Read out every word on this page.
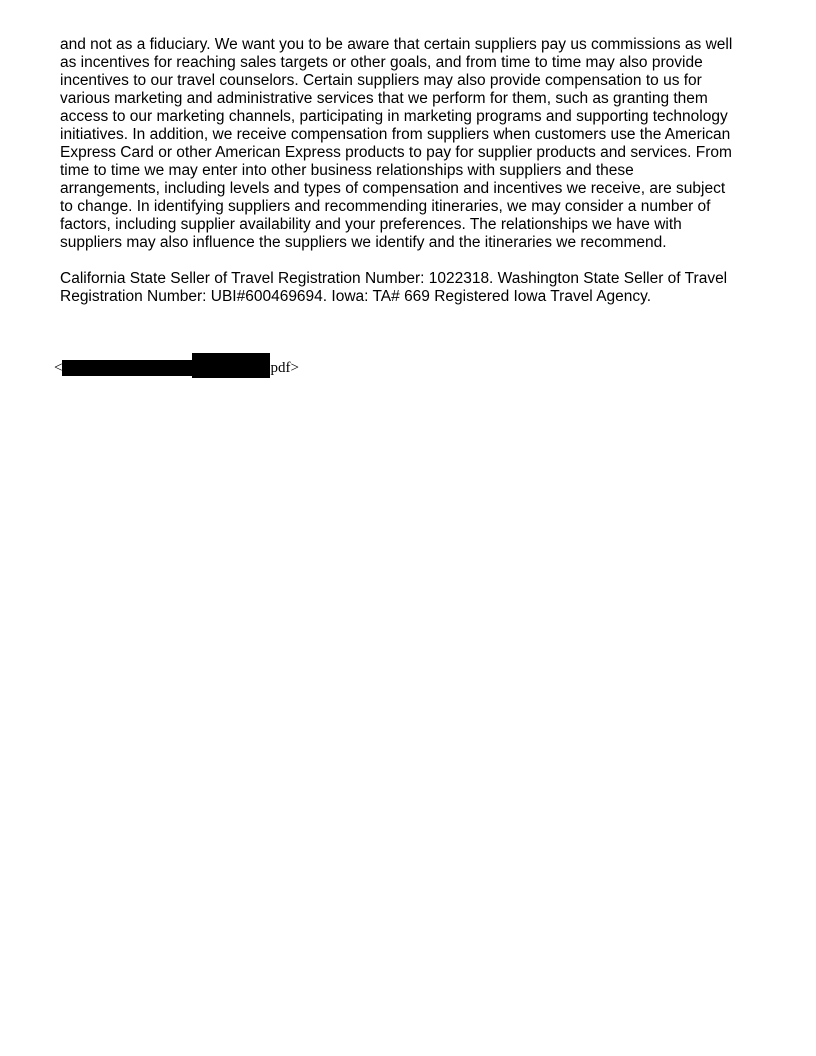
and not as a fiduciary. We want you to be aware that certain suppliers pay us commissions as well
as incentives for reaching sales targets or other goals, and from time to time may also provide
incentives to our travel counselors. Certain suppliers may also provide compensation to us for
various marketing and administrative services that we perform for them, such as granting them
access to our marketing channels, participating in marketing programs and supporting technology
initiatives. In addition, we receive compensation from suppliers when customers use the American
Express Card or other American Express products to pay for supplier products and services. From
time to time we may enter into other business relationships with suppliers and these
arrangements, including levels and types of compensation and incentives we receive, are subject
to change. In identifying suppliers and recommending itineraries, we may consider a number of
factors, including supplier availability and your preferences. The relationships we have with
suppliers may also influence the suppliers we identify and the itineraries we recommend.
California State Seller of Travel Registration Number: 1022318. Washington State Seller of Travel
Registration Number: UBI#600469694. Iowa: TA# 669 Registered Iowa Travel Agency.
<	pdf>
